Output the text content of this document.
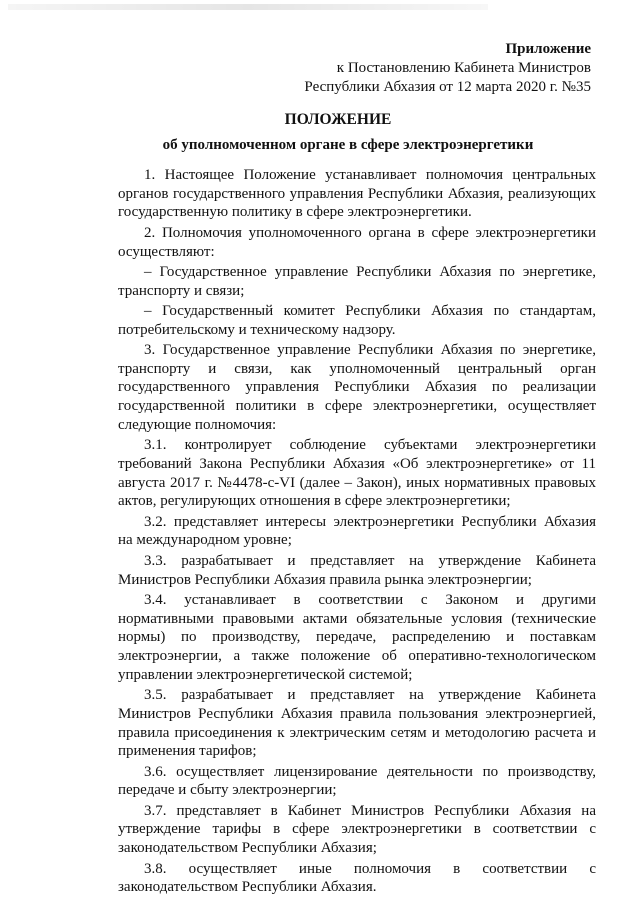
Приложение
к Постановлению Кабинета Министров
Республики Абхазия от 12 марта 2020 г. №35
ПОЛОЖЕНИЕ
об уполномоченном органе в сфере электроэнергетики

1. Настоящее Положение устанавливает полномочия центральных органов государственного управления Республики Абхазия, реализующих государственную политику в сфере электроэнергетики.

2. Полномочия уполномоченного органа в сфере электроэнергетики осуществляют:

– Государственное управление Республики Абхазия по энергетике, транспорту и связи;

– Государственный комитет Республики Абхазия по стандартам, потребительскому и техническому надзору.

3. Государственное управление Республики Абхазия по энергетике, транспорту и связи, как уполномоченный центральный орган государственного управления Республики Абхазия по реализации государственной политики в сфере электроэнергетики, осуществляет следующие полномочия:

3.1. контролирует соблюдение субъектами электроэнергетики требований Закона Республики Абхазия «Об электроэнергетике» от 11 августа 2017 г. №4478-с-VI (далее – Закон), иных нормативных правовых актов, регулирующих отношения в сфере электроэнергетики;

3.2. представляет интересы электроэнергетики Республики Абхазия на международном уровне;

3.3. разрабатывает и представляет на утверждение Кабинета Министров Республики Абхазия правила рынка электроэнергии;

3.4. устанавливает в соответствии с Законом и другими нормативными правовыми актами обязательные условия (технические нормы) по производству, передаче, распределению и поставкам электроэнергии, а также положение об оперативно-технологическом управлении электроэнергетической системой;

3.5. разрабатывает и представляет на утверждение Кабинета Министров Республики Абхазия правила пользования электроэнергией, правила присоединения к электрическим сетям и методологию расчета и применения тарифов;

3.6. осуществляет лицензирование деятельности по производству, передаче и сбыту электроэнергии;

3.7. представляет в Кабинет Министров Республики Абхазия на утверждение тарифы в сфере электроэнергетики в соответствии с законодательством Республики Абхазия;

3.8. осуществляет иные полномочия в соответствии с законодательством Республики Абхазия.
